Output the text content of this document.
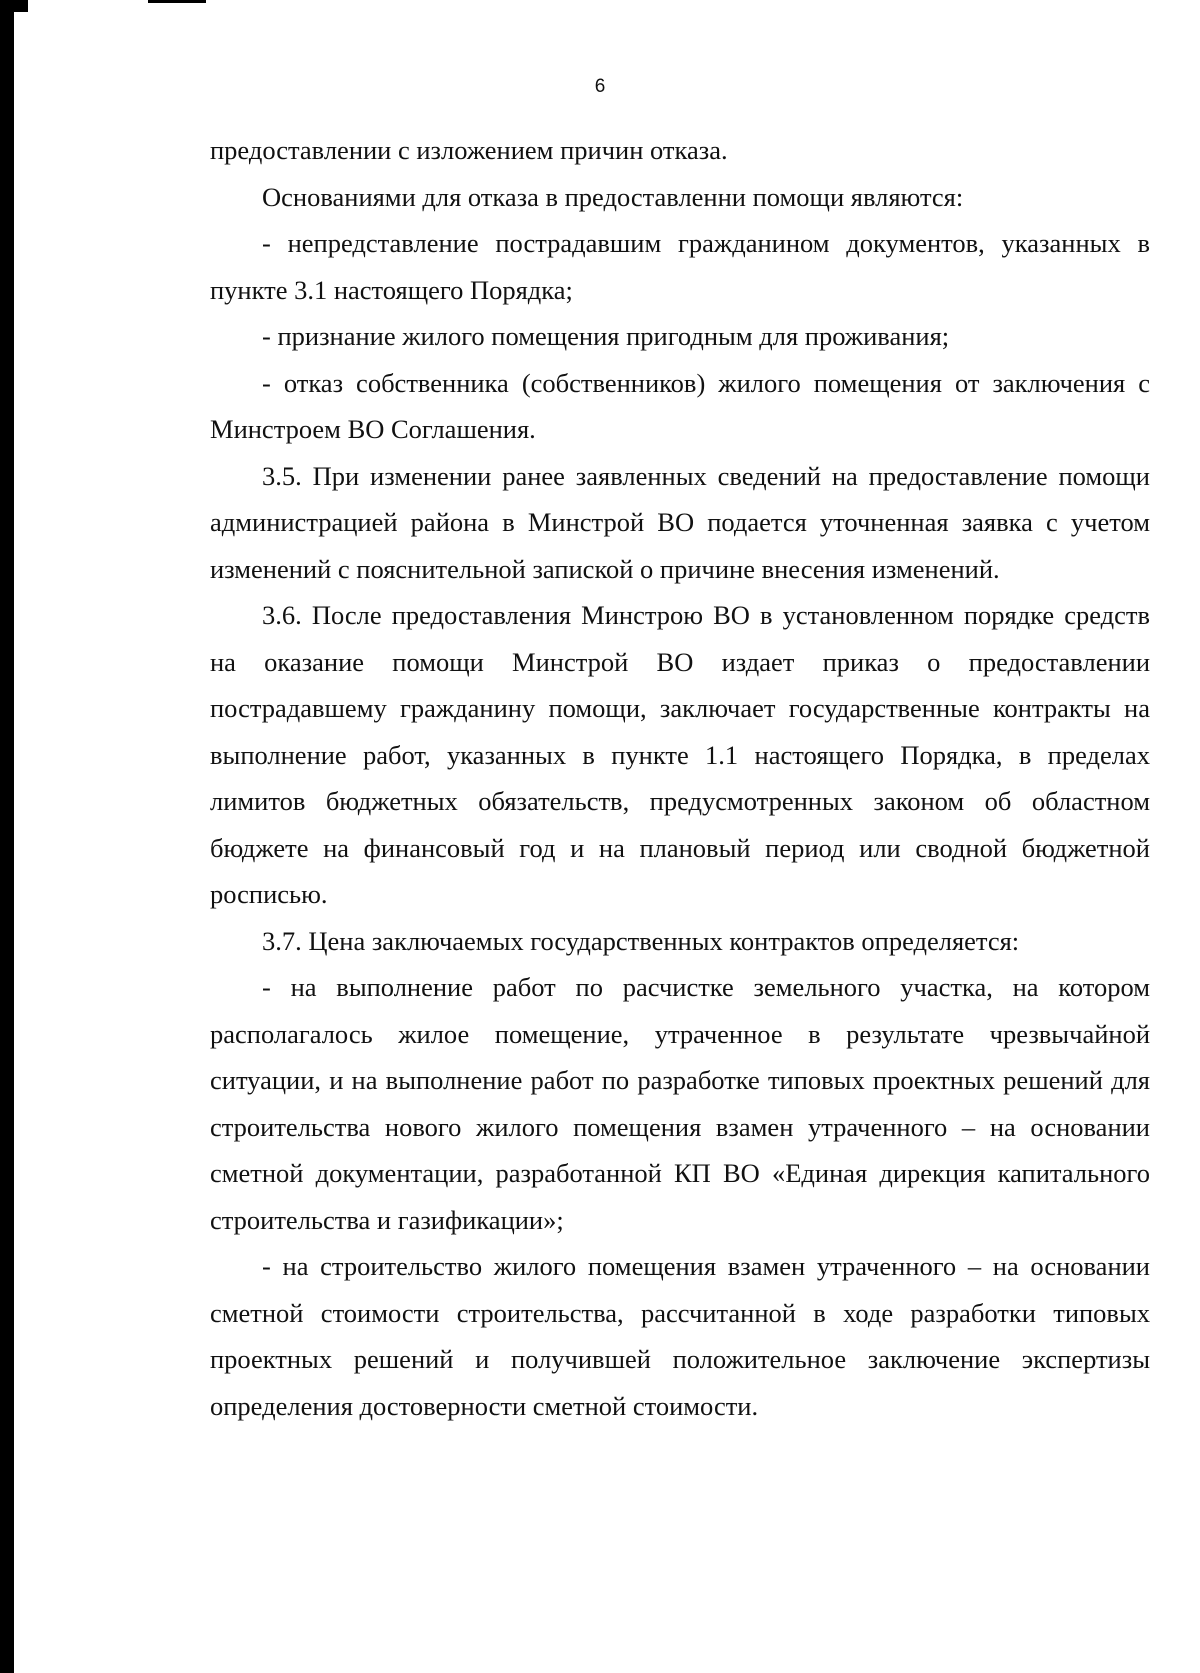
6

предоставлении с изложением причин отказа.

Основаниями для отказа в предоставленни помощи являются:

- непредставление пострадавшим гражданином документов, указанных в пункте 3.1 настоящего Порядка;

- признание жилого помещения пригодным для проживания;

- отказ собственника (собственников) жилого помещения от заключения с Минстроем ВО Соглашения.

3.5. При изменении ранее заявленных сведений на предоставление помощи администрацией района в Минстрой ВО подается уточненная заявка с учетом изменений с пояснительной запиской о причине внесения изменений.

3.6. После предоставления Минстрою ВО в установленном порядке средств на оказание помощи Минстрой ВО издает приказ о предоставлении пострадавшему гражданину помощи, заключает государственные контракты на выполнение работ, указанных в пункте 1.1 настоящего Порядка, в пределах лимитов бюджетных обязательств, предусмотренных законом об областном бюджете на финансовый год и на плановый период или сводной бюджетной росписью.

3.7. Цена заключаемых государственных контрактов определяется:

- на выполнение работ по расчистке земельного участка, на котором располагалось жилое помещение, утраченное в результате чрезвычайной ситуации, и на выполнение работ по разработке типовых проектных решений для строительства нового жилого помещения взамен утраченного – на основании сметной документации, разработанной КП ВО «Единая дирекция капитального строительства и газификации»;

- на строительство жилого помещения взамен утраченного – на основании сметной стоимости строительства, рассчитанной в ходе разработки типовых проектных решений и получившей положительное заключение экспертизы определения достоверности сметной стоимости.
